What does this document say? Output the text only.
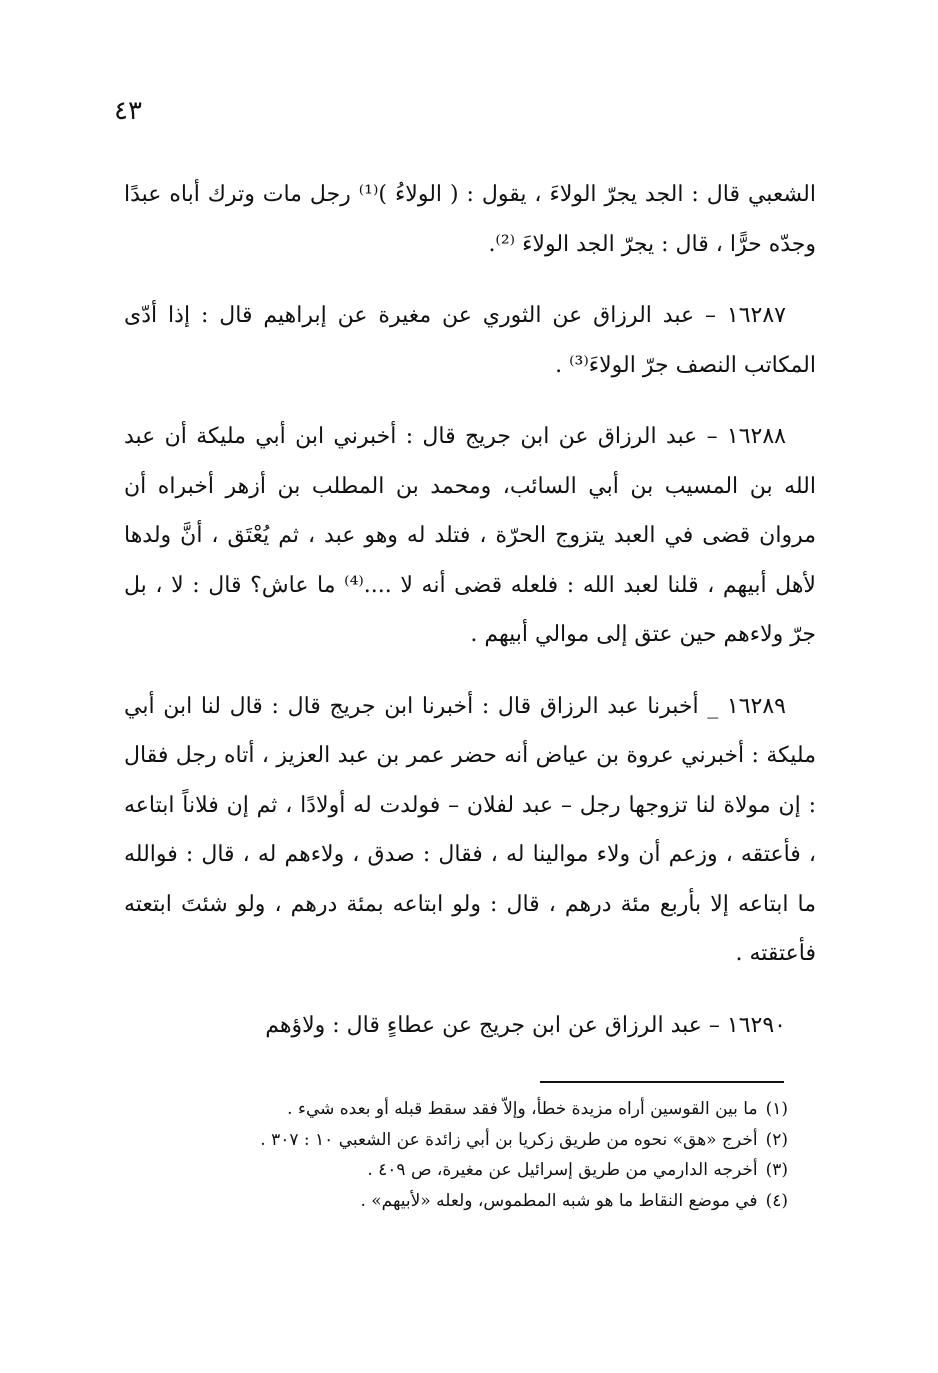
٤٣

الشعبي قال : الجد يجرّ الولاءَ ، يقول : ( الولاءُ )⁽¹⁾ رجل مات وترك أباه عبدًا وجدّه حرًّا ، قال : يجرّ الجد الولاءَ ⁽²⁾.

١٦٢٨٧ – عبد الرزاق عن الثوري عن مغيرة عن إبراهيم قال : إذا أدّى المكاتب النصف جرّ الولاءَ⁽³⁾ .

١٦٢٨٨ – عبد الرزاق عن ابن جريج قال : أخبرني ابن أبي مليكة أن عبد الله بن المسيب بن أبي السائب، ومحمد بن المطلب بن أزهر أخبراه أن مروان قضى في العبد يتزوج الحرّة ، فتلد له وهو عبد ، ثم يُعْتَق ، أنَّ ولدها لأهل أبيهم ، قلنا لعبد الله : فلعله قضى أنه لا ....⁽⁴⁾ ما عاش؟ قال : لا ، بل جرّ ولاءهم حين عتق إلى موالي أبيهم .

١٦٢٨٩ _ أخبرنا عبد الرزاق قال : أخبرنا ابن جريج قال : قال لنا ابن أبي مليكة : أخبرني عروة بن عياض أنه حضر عمر بن عبد العزيز ، أتاه رجل فقال : إن مولاة لنا تزوجها رجل – عبد لفلان – فولدت له أولادًا ، ثم إن فلاناً ابتاعه ، فأعتقه ، وزعم أن ولاء موالينا له ، فقال : صدق ، ولاءهم له ، قال : فوالله ما ابتاعه إلا بأربع مئة درهم ، قال : ولو ابتاعه بمئة درهم ، ولو شئتَ ابتعته فأعتقته .

١٦٢٩٠ – عبد الرزاق عن ابن جريج عن عطاءٍ قال : ولاؤهم

(١)ما بين القوسين أراه مزيدة خطأ، وإلاّ فقد سقط قبله أو بعده شيء .

(٢)أخرج «هق» نحوه من طريق زكريا بن أبي زائدة عن الشعبي ١٠ : ٣٠٧ .

(٣)أخرجه الدارمي من طريق إسرائيل عن مغيرة، ص ٤٠٩ .

(٤)في موضع النقاط ما هو شبه المطموس، ولعله «لأبيهم» .
